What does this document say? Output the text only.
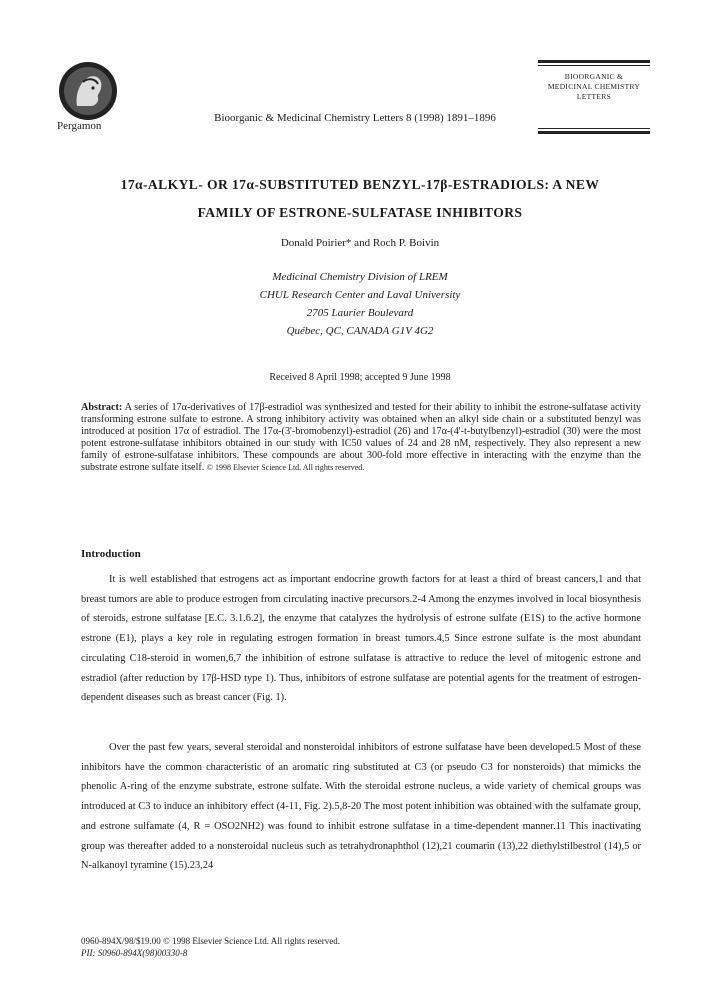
Pergamon
Bioorganic & Medicinal Chemistry Letters 8 (1998) 1891–1896
BIOORGANIC &
MEDICINAL CHEMISTRY
LETTERS
17α-ALKYL- OR 17α-SUBSTITUTED BENZYL-17β-ESTRADIOLS: A NEW
FAMILY OF ESTRONE-SULFATASE INHIBITORS
Donald Poirier* and Roch P. Boivin
Medicinal Chemistry Division of LREM
CHUL Research Center and Laval University
2705 Laurier Boulevard
Québec, QC, CANADA G1V 4G2
Received 8 April 1998; accepted 9 June 1998
Abstract: A series of 17α-derivatives of 17β-estradiol was synthesized and tested for their ability to inhibit the estrone-sulfatase activity transforming estrone sulfate to estrone. A strong inhibitory activity was obtained when an alkyl side chain or a substituted benzyl was introduced at position 17α of estradiol. The 17α-(3'-bromobenzyl)-estradiol (26) and 17α-(4'-t-butylbenzyl)-estradiol (30) were the most potent estrone-sulfatase inhibitors obtained in our study with IC50 values of 24 and 28 nM, respectively. They also represent a new family of estrone-sulfatase inhibitors. These compounds are about 300-fold more effective in interacting with the enzyme than the substrate estrone sulfate itself. © 1998 Elsevier Science Ltd. All rights reserved.
Introduction
It is well established that estrogens act as important endocrine growth factors for at least a third of breast cancers,1 and that breast tumors are able to produce estrogen from circulating inactive precursors.2-4 Among the enzymes involved in local biosynthesis of steroids, estrone sulfatase [E.C. 3.1.6.2], the enzyme that catalyzes the hydrolysis of estrone sulfate (E1S) to the active hormone estrone (E1), plays a key role in regulating estrogen formation in breast tumors.4,5 Since estrone sulfate is the most abundant circulating C18-steroid in women,6,7 the inhibition of estrone sulfatase is attractive to reduce the level of mitogenic estrone and estradiol (after reduction by 17β-HSD type 1). Thus, inhibitors of estrone sulfatase are potential agents for the treatment of estrogen-dependent diseases such as breast cancer (Fig. 1).
Over the past few years, several steroidal and nonsteroidal inhibitors of estrone sulfatase have been developed.5 Most of these inhibitors have the common characteristic of an aromatic ring substituted at C3 (or pseudo C3 for nonsteroids) that mimicks the phenolic A-ring of the enzyme substrate, estrone sulfate. With the steroidal estrone nucleus, a wide variety of chemical groups was introduced at C3 to induce an inhibitory effect (4-11, Fig. 2).5,8-20 The most potent inhibition was obtained with the sulfamate group, and estrone sulfamate (4, R = OSO2NH2) was found to inhibit estrone sulfatase in a time-dependent manner.11 This inactivating group was thereafter added to a nonsteroidal nucleus such as tetrahydronaphthol (12),21 coumarin (13),22 diethylstilbestrol (14),5 or N-alkanoyl tyramine (15).23,24
0960-894X/98/$19.00 © 1998 Elsevier Science Ltd. All rights reserved.
PII: S0960-894X(98)00330-8
